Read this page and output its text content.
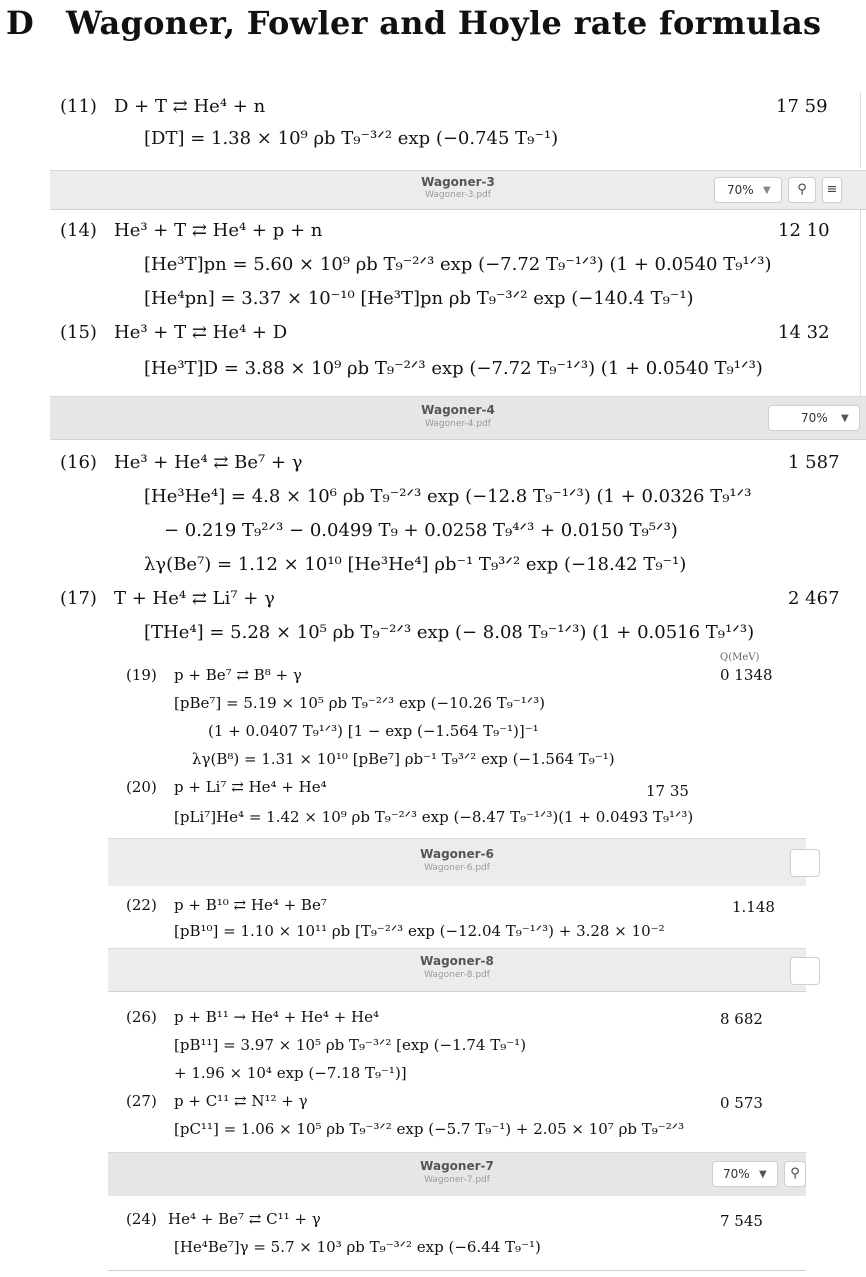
D Wagoner, Fowler and Hoyle rate formulas
(11) D + T ⇄ He⁴ + n	17 59
[DT] = 1.38 × 10⁹ ρb T₉⁻³ᐟ² exp (−0.745 T₉⁻¹)
Wagoner-3
Wagoner-3.pdf	70% ▼	⚲	≡
(14) He³ + T ⇄ He⁴ + p + n	12 10
[He³T]pn = 5.60 × 10⁹ ρb T₉⁻²ᐟ³ exp (−7.72 T₉⁻¹ᐟ³) (1 + 0.0540 T₉¹ᐟ³)
[He⁴pn] = 3.37 × 10⁻¹⁰ [He³T]pn ρb T₉⁻³ᐟ² exp (−140.4 T₉⁻¹)
(15) He³ + T ⇄ He⁴ + D	14 32
[He³T]D = 3.88 × 10⁹ ρb T₉⁻²ᐟ³ exp (−7.72 T₉⁻¹ᐟ³) (1 + 0.0540 T₉¹ᐟ³)
Wagoner-4
Wagoner-4.pdf	70% ▼
(16) He³ + He⁴ ⇄ Be⁷ + γ	1 587
[He³He⁴] = 4.8 × 10⁶ ρb T₉⁻²ᐟ³ exp (−12.8 T₉⁻¹ᐟ³) (1 + 0.0326 T₉¹ᐟ³
− 0.219 T₉²ᐟ³ − 0.0499 T₉ + 0.0258 T₉⁴ᐟ³ + 0.0150 T₉⁵ᐟ³)
λγ(Be⁷) = 1.12 × 10¹⁰ [He³He⁴] ρb⁻¹ T₉³ᐟ² exp (−18.42 T₉⁻¹)
(17) T + He⁴ ⇄ Li⁷ + γ	2 467
[THe⁴] = 5.28 × 10⁵ ρb T₉⁻²ᐟ³ exp (− 8.08 T₉⁻¹ᐟ³) (1 + 0.0516 T₉¹ᐟ³)
Q(MeV)
(19) p + Be⁷ ⇄ B⁸ + γ	0 1348
[pBe⁷] = 5.19 × 10⁵ ρb T₉⁻²ᐟ³ exp (−10.26 T₉⁻¹ᐟ³)
(1 + 0.0407 T₉¹ᐟ³) [1 − exp (−1.564 T₉⁻¹)]⁻¹
λγ(B⁸) = 1.31 × 10¹⁰ [pBe⁷] ρb⁻¹ T₉³ᐟ² exp (−1.564 T₉⁻¹)
(20) p + Li⁷ ⇄ He⁴ + He⁴	17 35
[pLi⁷]He⁴ = 1.42 × 10⁹ ρb T₉⁻²ᐟ³ exp (−8.47 T₉⁻¹ᐟ³)(1 + 0.0493 T₉¹ᐟ³)
Wagoner-6
Wagoner-6.pdf
(22) p + B¹⁰ ⇄ He⁴ + Be⁷	1.148
[pB¹⁰] = 1.10 × 10¹¹ ρb [T₉⁻²ᐟ³ exp (−12.04 T₉⁻¹ᐟ³) + 3.28 × 10⁻²
Wagoner-8
Wagoner-8.pdf
(26) p + B¹¹ → He⁴ + He⁴ + He⁴	8 682
[pB¹¹] = 3.97 × 10⁵ ρb T₉⁻³ᐟ² [exp (−1.74 T₉⁻¹)
+ 1.96 × 10⁴ exp (−7.18 T₉⁻¹)]
(27) p + C¹¹ ⇄ N¹² + γ	0 573
[pC¹¹] = 1.06 × 10⁵ ρb T₉⁻³ᐟ² exp (−5.7 T₉⁻¹) + 2.05 × 10⁷ ρb T₉⁻²ᐟ³
Wagoner-7
Wagoner-7.pdf	70% ▼	⚲
(24) He⁴ + Be⁷ ⇄ C¹¹ + γ	7 545
[He⁴Be⁷]γ = 5.7 × 10³ ρb T₉⁻³ᐟ² exp (−6.44 T₉⁻¹)
